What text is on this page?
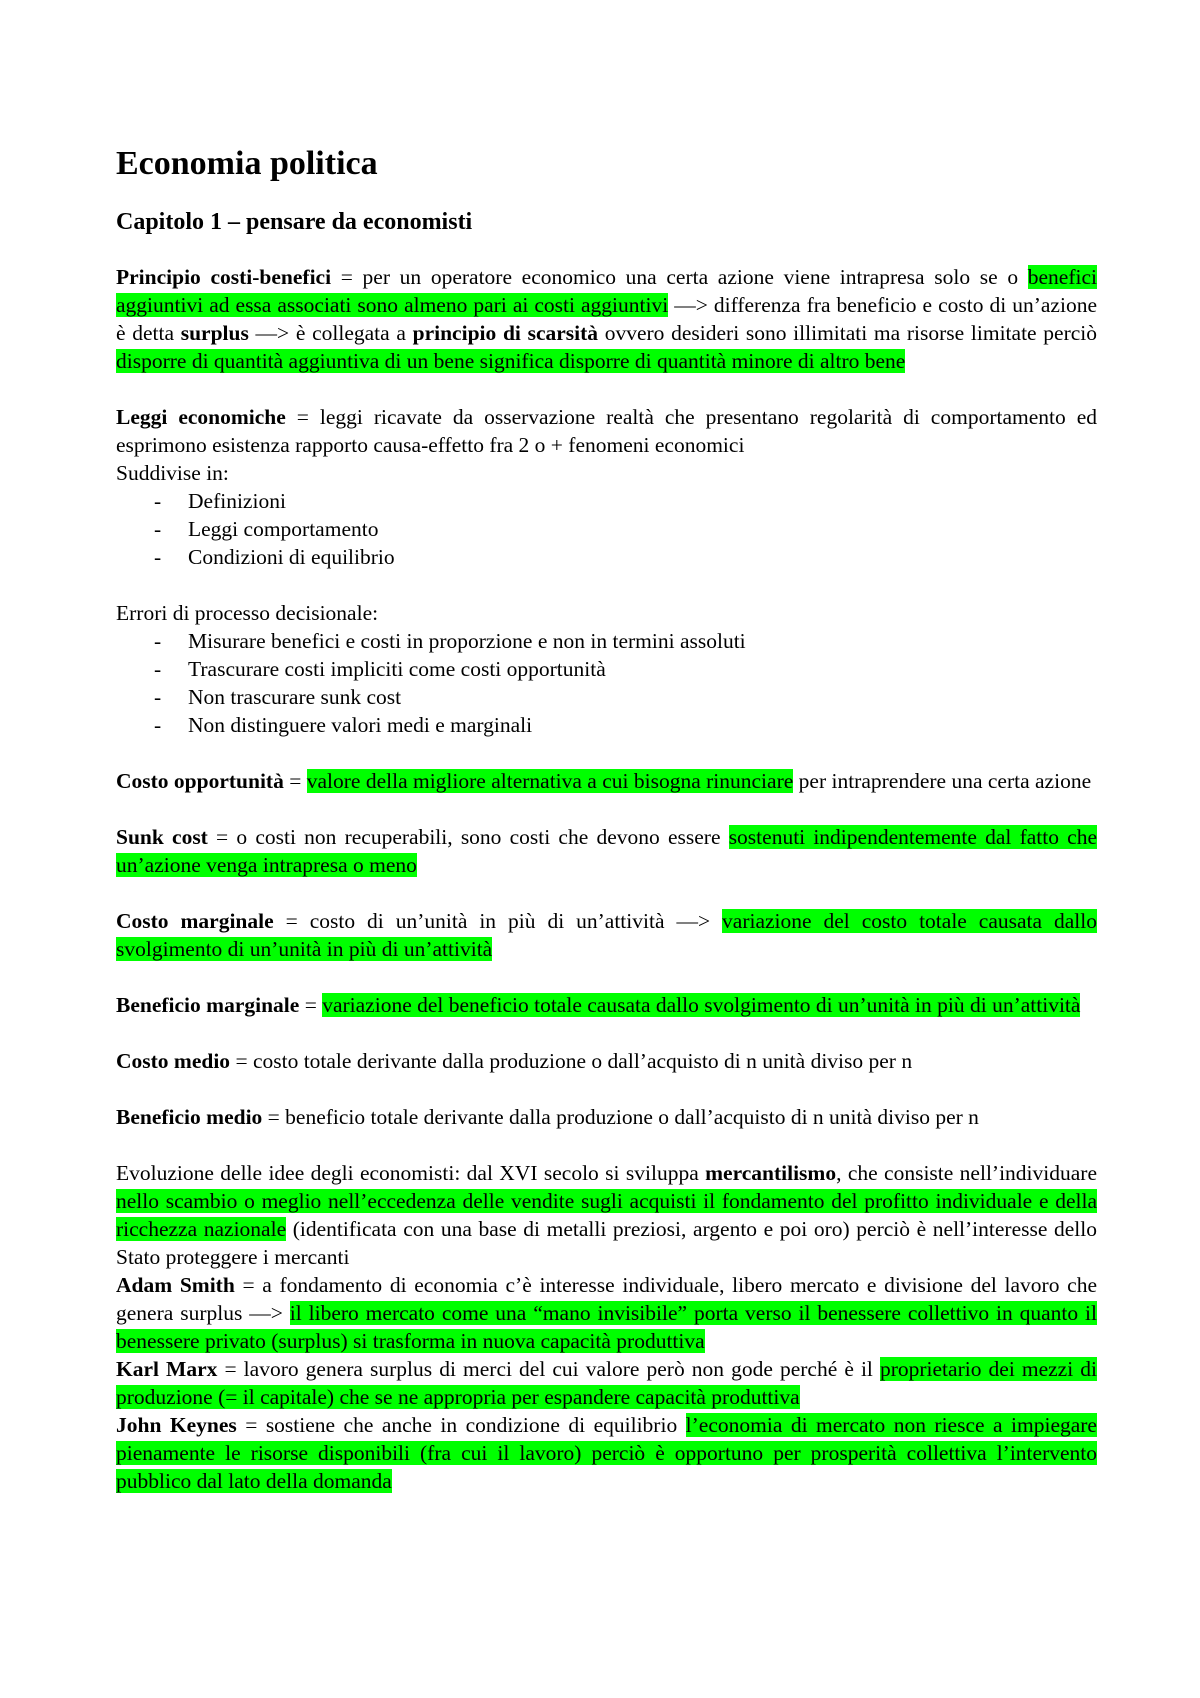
Economia politica
Capitolo 1 – pensare da economisti

Principio costi-benefici = per un operatore economico una certa azione viene intrapresa solo se o benefici aggiuntivi ad essa associati sono almeno pari ai costi aggiuntivi —> differenza fra beneficio e costo di un’azione è detta surplus —> è collegata a principio di scarsità ovvero desideri sono illimitati ma risorse limitate perciò disporre di quantità aggiuntiva di un bene significa disporre di quantità minore di altro bene

Leggi economiche = leggi ricavate da osservazione realtà che presentano regolarità di comportamento ed esprimono esistenza rapporto causa-effetto fra 2 o + fenomeni economici

Suddivise in:

- Definizioni
- Leggi comportamento
- Condizioni di equilibrio

Errori di processo decisionale:

- Misurare benefici e costi in proporzione e non in termini assoluti
- Trascurare costi impliciti come costi opportunità
- Non trascurare sunk cost
- Non distinguere valori medi e marginali

Costo opportunità = valore della migliore alternativa a cui bisogna rinunciare per intraprendere una certa azione

Sunk cost = o costi non recuperabili, sono costi che devono essere sostenuti indipendentemente dal fatto che un’azione venga intrapresa o meno

Costo marginale = costo di un’unità in più di un’attività —> variazione del costo totale causata dallo svolgimento di un’unità in più di un’attività

Beneficio marginale = variazione del beneficio totale causata dallo svolgimento di un’unità in più di un’attività

Costo medio = costo totale derivante dalla produzione o dall’acquisto di n unità diviso per n

Beneficio medio = beneficio totale derivante dalla produzione o dall’acquisto di n unità diviso per n

Evoluzione delle idee degli economisti: dal XVI secolo si sviluppa mercantilismo, che consiste nell’individuare nello scambio o meglio nell’eccedenza delle vendite sugli acquisti il fondamento del profitto individuale e della ricchezza nazionale (identificata con una base di metalli preziosi, argento e poi oro) perciò è nell’interesse dello Stato proteggere i mercanti

Adam Smith = a fondamento di economia c’è interesse individuale, libero mercato e divisione del lavoro che genera surplus —> il libero mercato come una “mano invisibile” porta verso il benessere collettivo in quanto il benessere privato (surplus) si trasforma in nuova capacità produttiva

Karl Marx = lavoro genera surplus di merci del cui valore però non gode perché è il proprietario dei mezzi di produzione (= il capitale) che se ne appropria per espandere capacità produttiva

John Keynes = sostiene che anche in condizione di equilibrio l’economia di mercato non riesce a impiegare pienamente le risorse disponibili (fra cui il lavoro) perciò è opportuno per prosperità collettiva l’intervento pubblico dal lato della domanda
